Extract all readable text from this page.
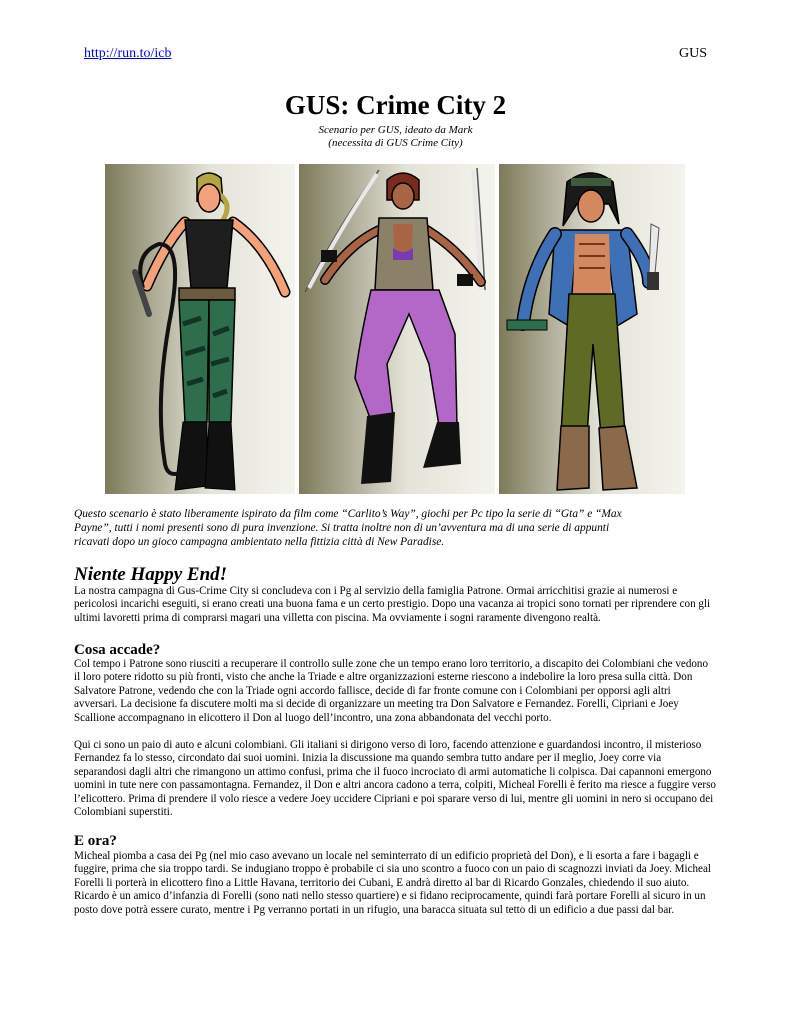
http://run.to/icb	GUS
GUS: Crime City 2
Scenario per GUS, ideato da Mark
(necessita di GUS Crime City)
Questo scenario è stato liberamente ispirato da film come “Carlito’s Way”, giochi per Pc tipo la serie di “Gta” e “Max Payne”, tutti i nomi presenti sono di pura invenzione. Si tratta inoltre non di un’avventura ma di una serie di appunti ricavati dopo un gioco campagna ambientato nella fittizia città di New Paradise.
Niente Happy End!
La nostra campagna di Gus-Crime City si concludeva con i Pg al servizio della famiglia Patrone. Ormai arricchitisi grazie ai numerosi e pericolosi incarichi eseguiti, si erano creati una buona fama e un certo prestigio. Dopo una vacanza ai tropici sono tornati per riprendere con gli ultimi lavoretti prima di comprarsi magari una villetta con piscina. Ma ovviamente i sogni raramente divengono realtà.
Cosa accade?
Col tempo i Patrone sono riusciti a recuperare il controllo sulle zone che un tempo erano loro territorio, a discapito dei Colombiani che vedono il loro potere ridotto su più fronti, visto che anche la Triade e altre organizzazioni esterne riescono a indebolire la loro presa sulla città. Don Salvatore Patrone, vedendo che con la Triade ogni accordo fallisce, decide di far fronte comune con i Colombiani per opporsi agli altri avversari. La decisione fa discutere molti ma si decide di organizzare un meeting tra Don Salvatore e Fernandez. Forelli, Cipriani e Joey Scallione accompagnano in elicottero il Don al luogo dell’incontro, una zona abbandonata del vecchi porto.
Qui ci sono un paio di auto e alcuni colombiani. Gli italiani si dirigono verso di loro, facendo attenzione e guardandosi incontro, il misterioso Fernandez fa lo stesso, circondato dai suoi uomini. Inizia la discussione ma quando sembra tutto andare per il meglio, Joey corre via separandosi dagli altri che rimangono un attimo confusi, prima che il fuoco incrociato di armi automatiche li colpisca. Dai capannoni emergono uomini in tute nere con passamontagna. Fernandez, il Don e altri ancora cadono a terra, colpiti, Micheal Forelli è ferito ma riesce a fuggire verso l’elicottero. Prima di prendere il volo riesce a vedere Joey uccidere Cipriani e poi sparare verso di lui, mentre gli uomini in nero si occupano dei Colombiani superstiti.
E ora?
Micheal piomba a casa dei Pg (nel mio caso avevano un locale nel seminterrato di un edificio proprietà del Don), e li esorta a fare i bagagli e fuggire, prima che sia troppo tardi. Se indugiano troppo è probabile ci sia uno scontro a fuoco con un paio di scagnozzi inviati da Joey. Micheal Forelli li porterà in elicottero fino a Little Havana, territorio dei Cubani, E andrà diretto al bar di Ricardo Gonzales, chiedendo il suo aiuto. Ricardo è un amico d’infanzia di Forelli (sono nati nello stesso quartiere) e si fidano reciprocamente, quindi farà portare Forelli al sicuro in un posto dove potrà essere curato, mentre i Pg verranno portati in un rifugio, una baracca situata sul tetto di un edificio a due passi dal bar.
